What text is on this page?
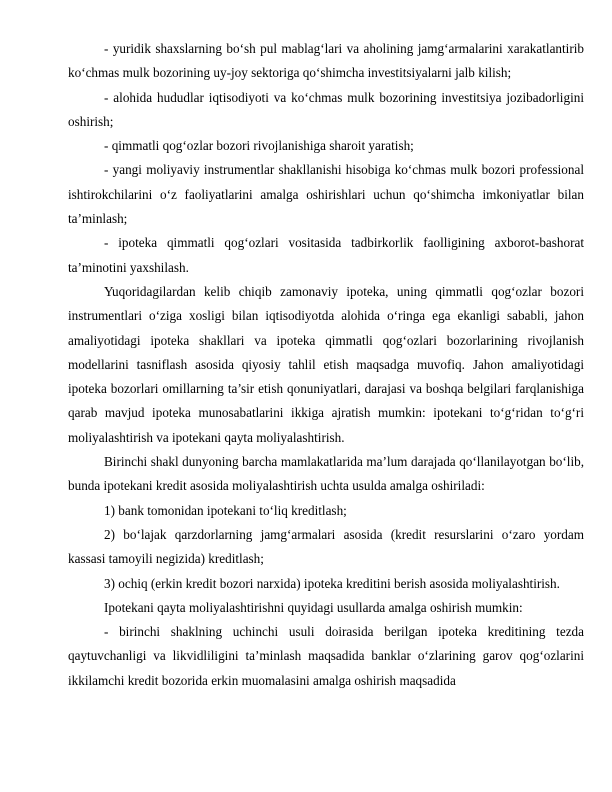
- yuridik shaxslarning bo‘sh pul mablag‘lari va aholining jamg‘armalarini xarakatlantirib ko‘chmas mulk bozorining uy-joy sektoriga qo‘shimcha investitsiyalarni jalb kilish;

- alohida hududlar iqtisodiyoti va ko‘chmas mulk bozorining investitsiya jozibadorligini oshirish;

- qimmatli qog‘ozlar bozori rivojlanishiga sharoit yaratish;

- yangi moliyaviy instrumentlar shakllanishi hisobiga ko‘chmas mulk bozori professional ishtirokchilarini o‘z faoliyatlarini amalga oshirishlari uchun qo‘shimcha imkoniyatlar bilan ta’minlash;

- ipoteka qimmatli qog‘ozlari vositasida tadbirkorlik faolligining axborot-bashorat ta’minotini yaxshilash.

Yuqoridagilardan kelib chiqib zamonaviy ipoteka, uning qimmatli qog‘ozlar bozori instrumentlari o‘ziga xosligi bilan iqtisodiyotda alohida o‘ringa ega ekanligi sababli, jahon amaliyotidagi ipoteka shakllari va ipoteka qimmatli qog‘ozlari bozorlarining rivojlanish modellarini tasniflash asosida qiyosiy tahlil etish maqsadga muvofiq. Jahon amaliyotidagi ipoteka bozorlari omillarning ta’sir etish qonuniyatlari, darajasi va boshqa belgilari farqlanishiga qarab mavjud ipoteka munosabatlarini ikkiga ajratish mumkin: ipotekani to‘g‘ridan to‘g‘ri moliyalashtirish va ipotekani qayta moliyalashtirish.

Birinchi shakl dunyoning barcha mamlakatlarida ma’lum darajada qo‘llanilayotgan bo‘lib, bunda ipotekani kredit asosida moliyalashtirish uchta usulda amalga oshiriladi:

1) bank tomonidan ipotekani to‘liq kreditlash;

2) bo‘lajak qarzdorlarning jamg‘armalari asosida (kredit resurslarini o‘zaro yordam kassasi tamoyili negizida) kreditlash;

3) ochiq (erkin kredit bozori narxida) ipoteka kreditini berish asosida moliyalashtirish.

Ipotekani qayta moliyalashtirishni quyidagi usullarda amalga oshirish mumkin:

- birinchi shaklning uchinchi usuli doirasida berilgan ipoteka kreditining tezda qaytuvchanligi va likvidliligini ta’minlash maqsadida banklar o‘zlarining garov qog‘ozlarini ikkilamchi kredit bozorida erkin muomalasini amalga oshirish maqsadida
